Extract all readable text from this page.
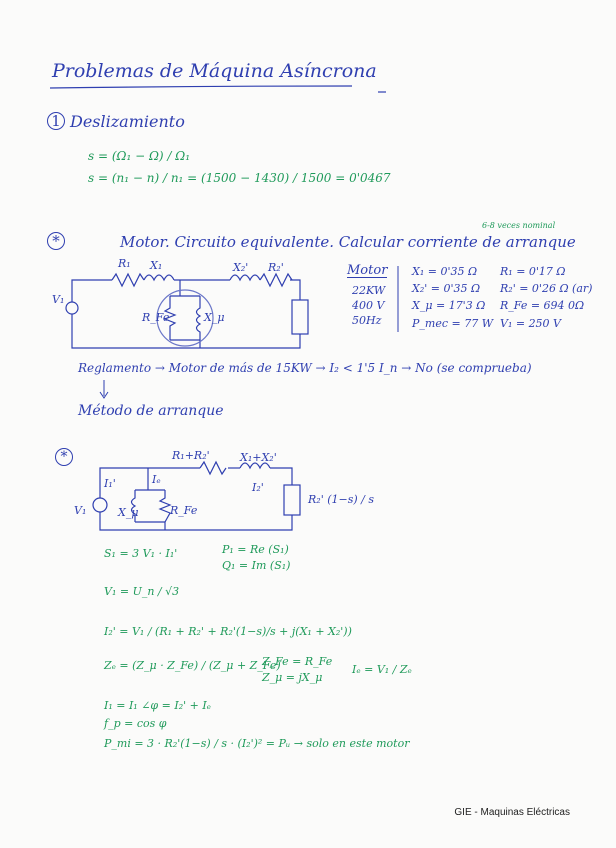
Problemas de Máquina Asíncrona
1 Deslizamiento
s = (Ω₁ − Ω) / Ω₁
s = (n₁ − n) / n₁ = (1500 − 1430) / 1500 = 0'0467
*	Motor. Circuito equivalente. Calcular corriente de arranque
6-8 veces nominal
R₁ X₁	X₂' R₂'
V₁
R_Fe	X_μ
Motor
22KW
400 V
50Hz
X₁ = 0'35 Ω R₁ = 0'17 Ω
X₂' = 0'35 Ω R₂' = 0'26 Ω (ar)
X_μ = 17'3 Ω R_Fe = 694 0Ω
P_mec = 77 W V₁ = 250 V
Reglamento → Motor de más de 15KW → I₂ < 1'5 I_n → No (se comprueba)
Método de arranque
*	R₁+R₂'	X₁+X₂'
R₂' (1−s) / s
I₁'	Iₑ
I₂'
V₁	X_μ	R_Fe
S₁ = 3 V₁ · I₁'	P₁ = Re (S₁)
Q₁ = Im (S₁)
V₁ = U_n / √3
I₂' = V₁ / (R₁ + R₂' + R₂'(1−s)/s + j(X₁ + X₂'))
Zₑ = (Z_μ · Z_Fe) / (Z_μ + Z_Fe)
Z_Fe = R_Fe
Z_μ = jX_μ
Iₑ = V₁ / Zₑ
I₁ = I₁ ∠φ = I₂' + Iₑ
f_p = cos φ
P_mi = 3 · R₂'(1−s) / s · (I₂')² = Pᵤ → solo en este motor
GIE - Maquinas Eléctricas
